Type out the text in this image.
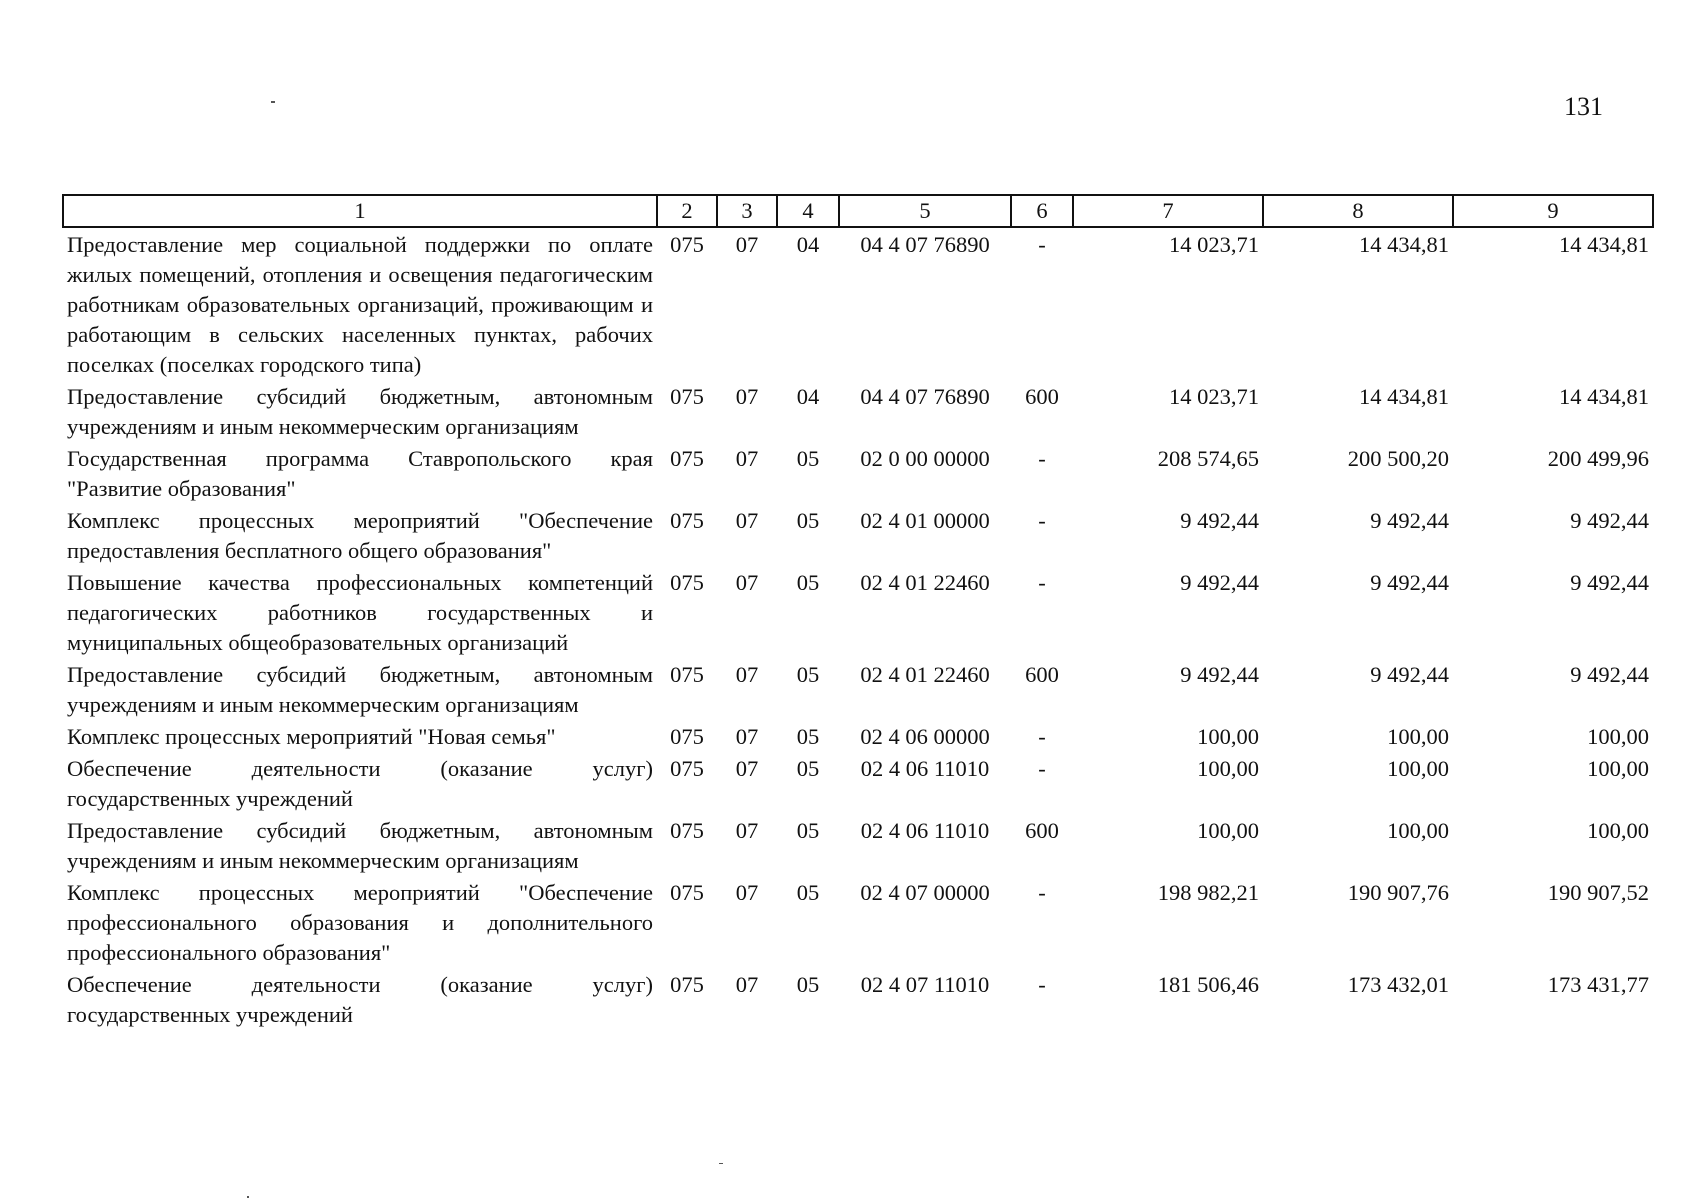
131
1	2	3	4	5	6	7	8	9
Предоставление мер социальной поддержки по оплате жилых помещений, отопления и освещения педагогическим работникам образовательных организаций, проживающим и работающим в сельских населенных пунктах, рабочих поселках (поселках городского типа)	075	07	04	04 4 07 76890	-	14 023,71	14 434,81	14 434,81
Предоставление субсидий бюджетным, автономным учреждениям и иным некоммерческим организациям	075	07	04	04 4 07 76890	600	14 023,71	14 434,81	14 434,81
Государственная программа Ставропольского края "Развитие образования"	075	07	05	02 0 00 00000	-	208 574,65	200 500,20	200 499,96
Комплекс процессных мероприятий "Обеспечение предоставления бесплатного общего образования"	075	07	05	02 4 01 00000	-	9 492,44	9 492,44	9 492,44
Повышение качества профессиональных компетенций педагогических работников государственных и муниципальных общеобразовательных организаций	075	07	05	02 4 01 22460	-	9 492,44	9 492,44	9 492,44
Предоставление субсидий бюджетным, автономным учреждениям и иным некоммерческим организациям	075	07	05	02 4 01 22460	600	9 492,44	9 492,44	9 492,44
Комплекс процессных мероприятий "Новая семья"	075	07	05	02 4 06 00000	-	100,00	100,00	100,00
Обеспечение деятельности (оказание услуг) государственных учреждений	075	07	05	02 4 06 11010	-	100,00	100,00	100,00
Предоставление субсидий бюджетным, автономным учреждениям и иным некоммерческим организациям	075	07	05	02 4 06 11010	600	100,00	100,00	100,00
Комплекс процессных мероприятий "Обеспечение профессионального образования и дополнительного профессионального образования"	075	07	05	02 4 07 00000	-	198 982,21	190 907,76	190 907,52
Обеспечение деятельности (оказание услуг) государственных учреждений	075	07	05	02 4 07 11010	-	181 506,46	173 432,01	173 431,77
